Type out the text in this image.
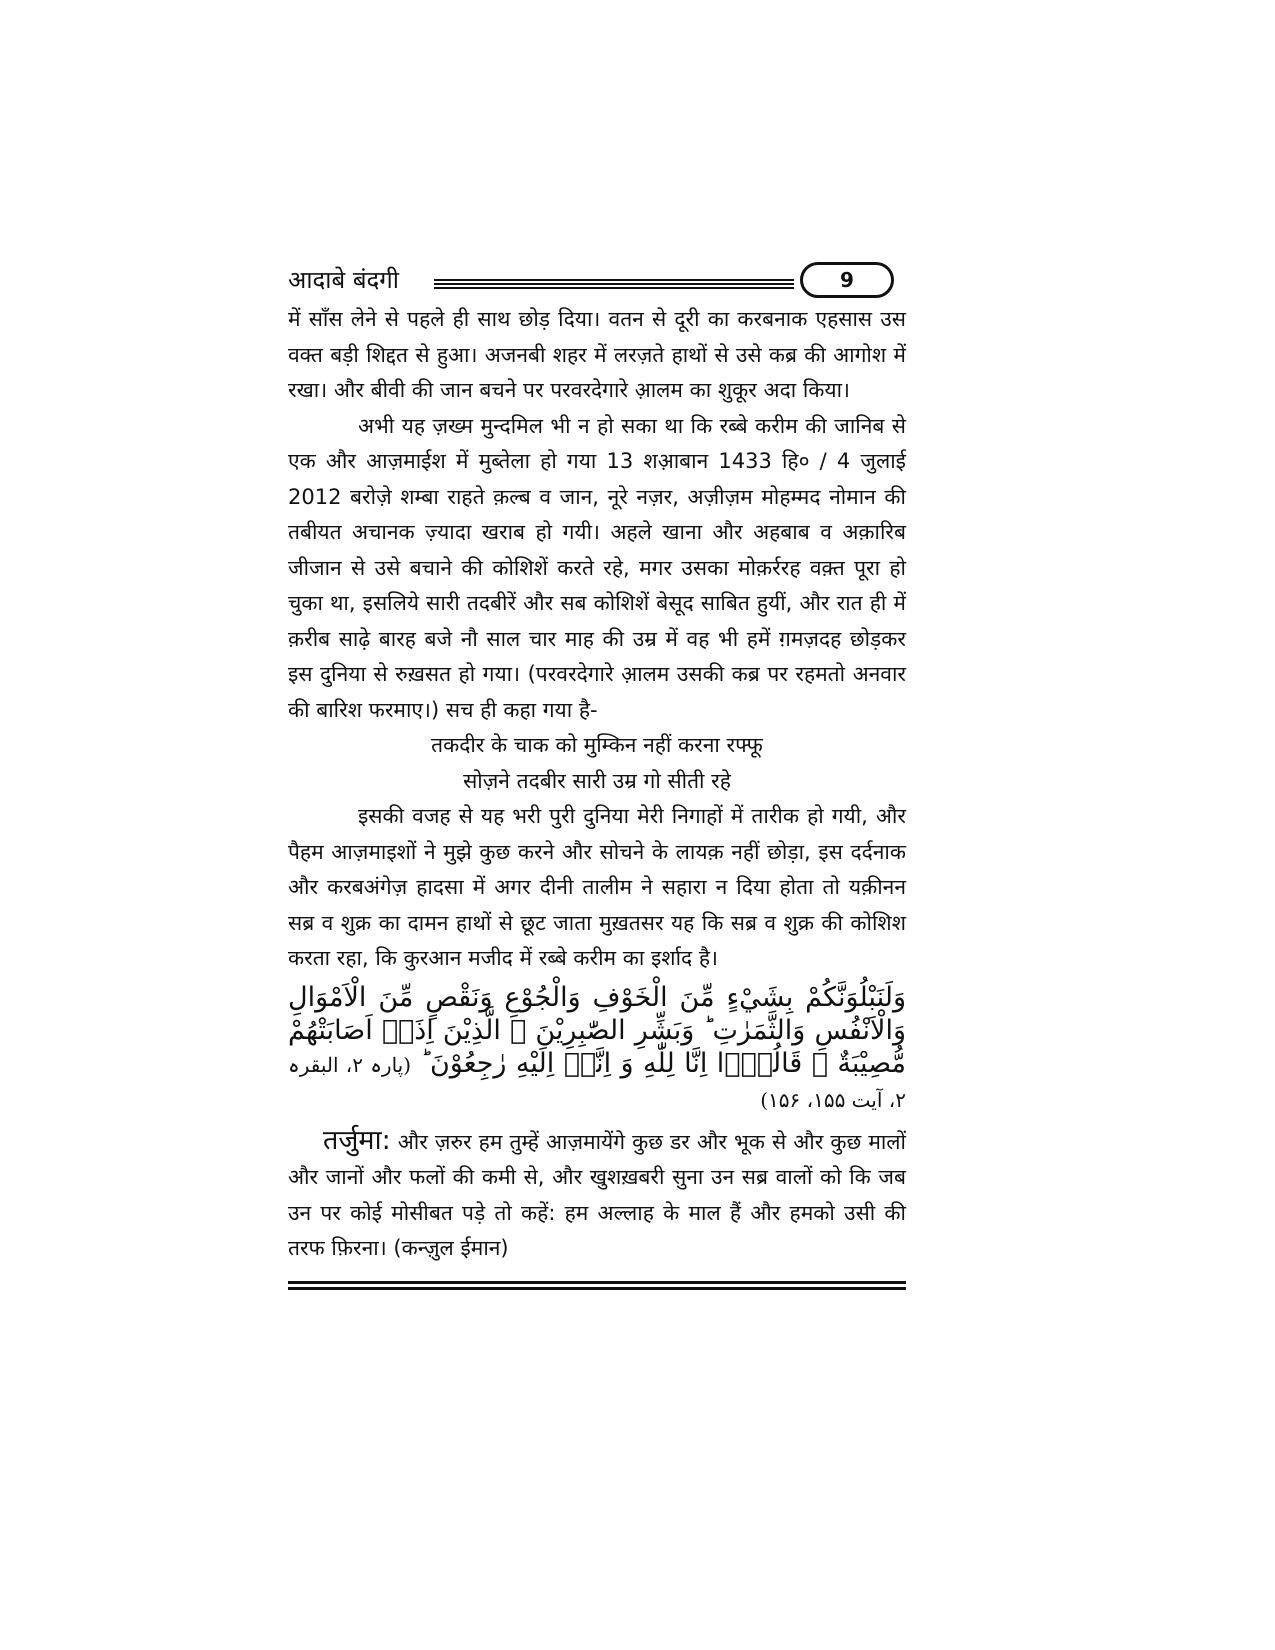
आदाबे बंदगी	9

में साँस लेने से पहले ही साथ छोड़ दिया। वतन से दूरी का करबनाक एहसास उस वक्त बड़ी शिद्दत से हुआ। अजनबी शहर में लरज़ते हाथों से उसे कब्र की आगोश में रखा। और बीवी की जान बचने पर परवरदेगारे आ़लम का शुकूर अदा किया।

अभी यह ज़ख्म मुन्दमिल भी न हो सका था कि रब्बे करीम की जानिब से एक और आज़माईश में मुब्तेला हो गया 13 शआ़बान 1433 हि० / 4 जुलाई 2012 बरोज़े शम्बा राहते क़ल्ब व जान, नूरे नज़र, अज़ीज़म मोहम्मद नोमान की तबीयत अचानक ज़्यादा खराब हो गयी। अहले खाना और अहबाब व अक़ारिब जीजान से उसे बचाने की कोशिशें करते रहे, मगर उसका मोक़र्ररह वक़्त पूरा हो चुका था, इसलिये सारी तदबीरें और सब कोशिशें बेसूद साबित हुयीं, और रात ही में क़रीब साढ़े बारह बजे नौ साल चार माह की उम्र में वह भी हमें ग़मज़दह छोड़कर इस दुनिया से रुख़सत हो गया। (परवरदेगारे आ़लम उसकी कब्र पर रहमतो अनवार की बारिश फरमाए।) सच ही कहा गया है-

तकदीर के चाक को मुम्किन नहीं करना रफ्फू

सोज़ने तदबीर सारी उम्र गो सीती रहे

इसकी वजह से यह भरी पुरी दुनिया मेरी निगाहों में तारीक हो गयी, और पैहम आज़माइशों ने मुझे कुछ करने और सोचने के लायक़ नहीं छोड़ा, इस दर्दनाक और करबअंगेज़ हादसा में अगर दीनी तालीम ने सहारा न दिया होता तो यक़ीनन सब्र व शुक्र का दामन हाथों से छूट जाता मुख़तसर यह कि सब्र व शुक्र की कोशिश करता रहा, कि कुरआन मजीद में रब्बे करीम का इर्शाद है।

وَلَنَبْلُوَنَّكُمْ بِشَيْءٍ مِّنَ الْخَوْفِ وَالْجُوْعِ وَنَقْصٍ مِّنَ الْاَمْوَالِ وَالْاَنْفُسِ وَالثَّمَرٰتِ ؕ وَبَشِّرِ الصّٰبِرِیْنَ ۙ الَّذِیْنَ اِذَاۤ اَصَابَتْهُمْ مُّصِیْبَةٌ ۙ قَالُوْۤا اِنَّا لِلّٰهِ وَ اِنَّاۤ اِلَیْهِ رٰجِعُوْنَ ؕ (پارہ ۲، البقرہ ۲، آیت ۱۵۵، ۱۵۶)

तर्जुमा: और ज़रुर हम तुम्हें आज़मायेंगे कुछ डर और भूक से और कुछ मालों और जानों और फलों की कमी से, और खुशख़बरी सुना उन सब्र वालों को कि जब उन पर कोई मोसीबत पड़े तो कहें: हम अल्लाह के माल हैं और हमको उसी की तरफ फ़िरना। (कन्ज़ुल ईमान)
